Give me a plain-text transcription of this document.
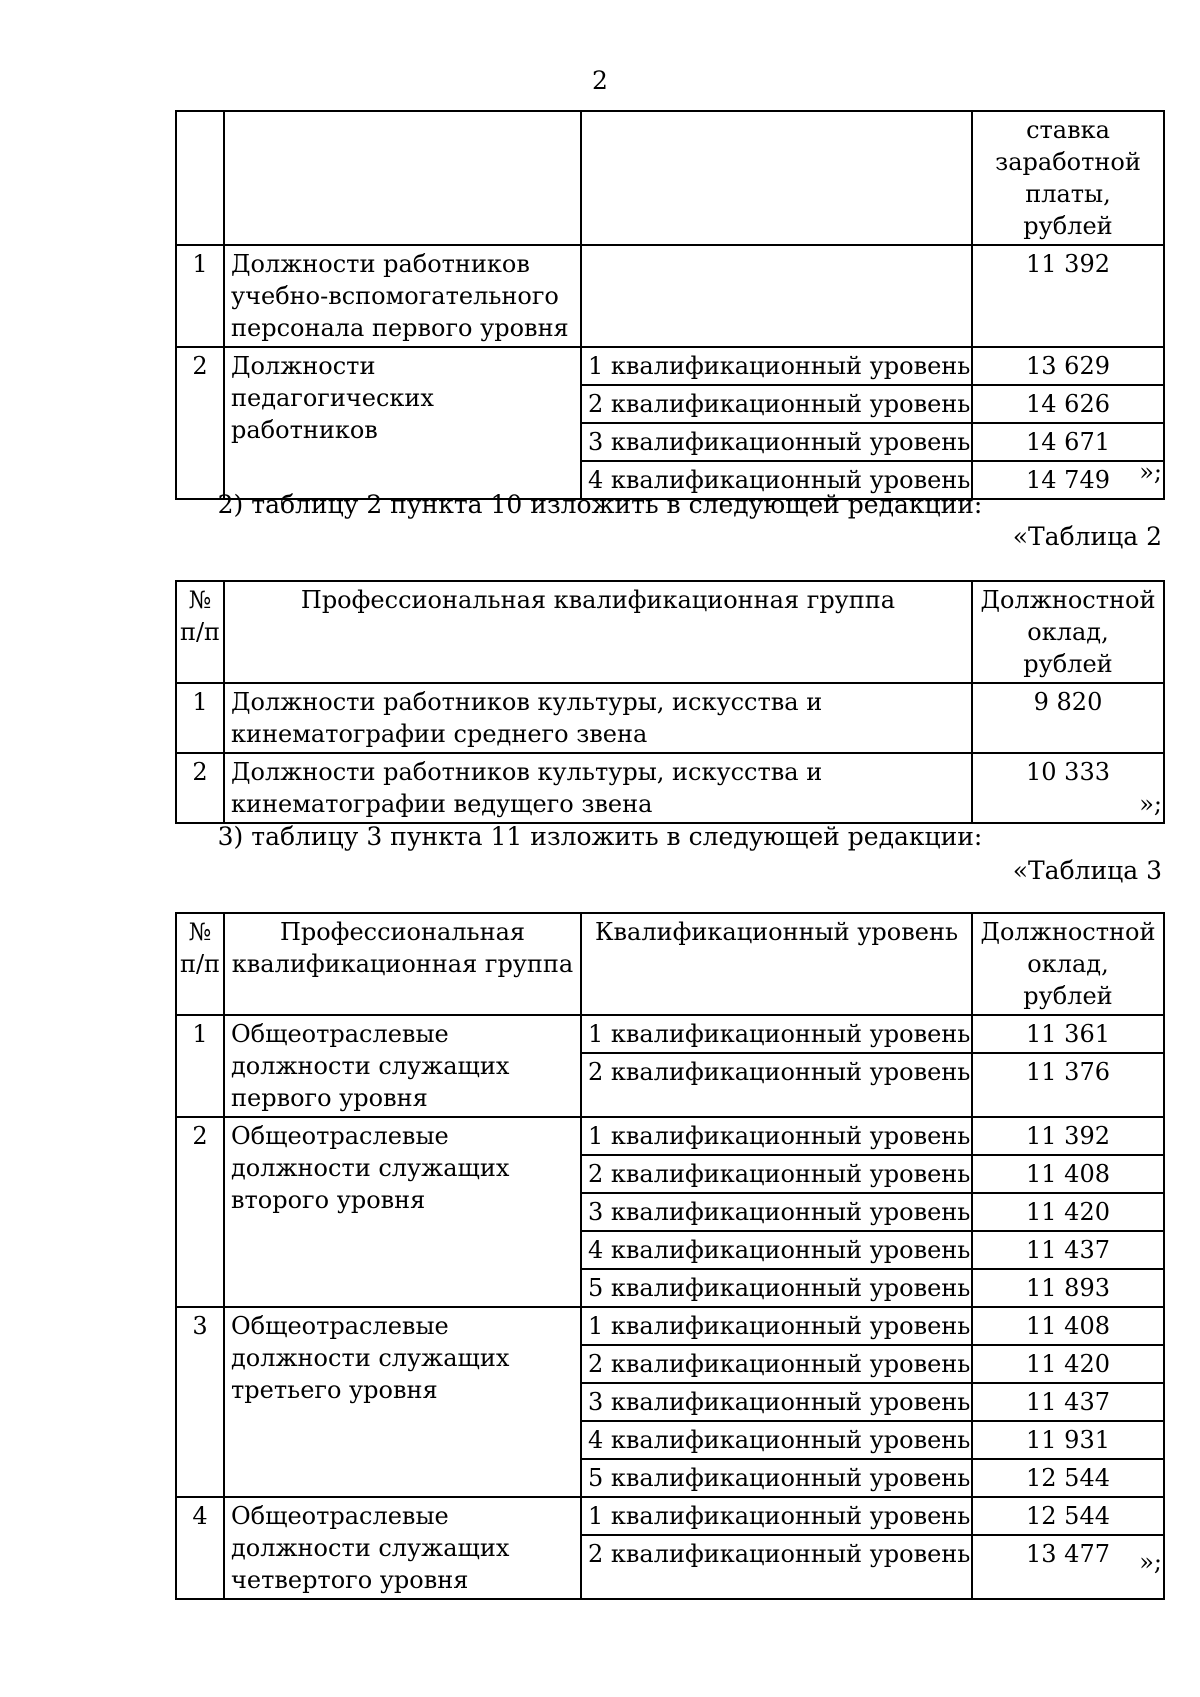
2
			ставка заработной платы, рублей
1	Должности работников учебно-вспомогательного персонала первого уровня		11 392
2	Должности педагогических работников	1 квалификационный уровень	13 629
		2 квалификационный уровень	14 626
		3 квалификационный уровень	14 671
		4 квалификационный уровень	14 749 »;
2) таблицу 2 пункта 10 изложить в следующей редакции:
«Таблица 2
№ п/п	Профессиональная квалификационная группа	Должностной оклад, рублей
1	Должности работников культуры, искусства и кинематографии среднего звена	9 820
2	Должности работников культуры, искусства и кинематографии ведущего звена	10 333
»;
3) таблицу 3 пункта 11 изложить в следующей редакции:
«Таблица 3
№ п/п	Профессиональная квалификационная группа	Квалификационный уровень	Должностной оклад, рублей
1	Общеотраслевые должности служащих первого уровня	1 квалификационный уровень	11 361
		2 квалификационный уровень	11 376
2	Общеотраслевые должности служащих второго уровня	1 квалификационный уровень	11 392
		2 квалификационный уровень	11 408
		3 квалификационный уровень	11 420
		4 квалификационный уровень	11 437
		5 квалификационный уровень	11 893
3	Общеотраслевые должности служащих третьего уровня	1 квалификационный уровень	11 408
		2 квалификационный уровень	11 420
		3 квалификационный уровень	11 437
		4 квалификационный уровень	11 931
		5 квалификационный уровень	12 544
4	Общеотраслевые должности служащих четвертого уровня	1 квалификационный уровень	12 544
		2 квалификационный уровень	13 477 »;
